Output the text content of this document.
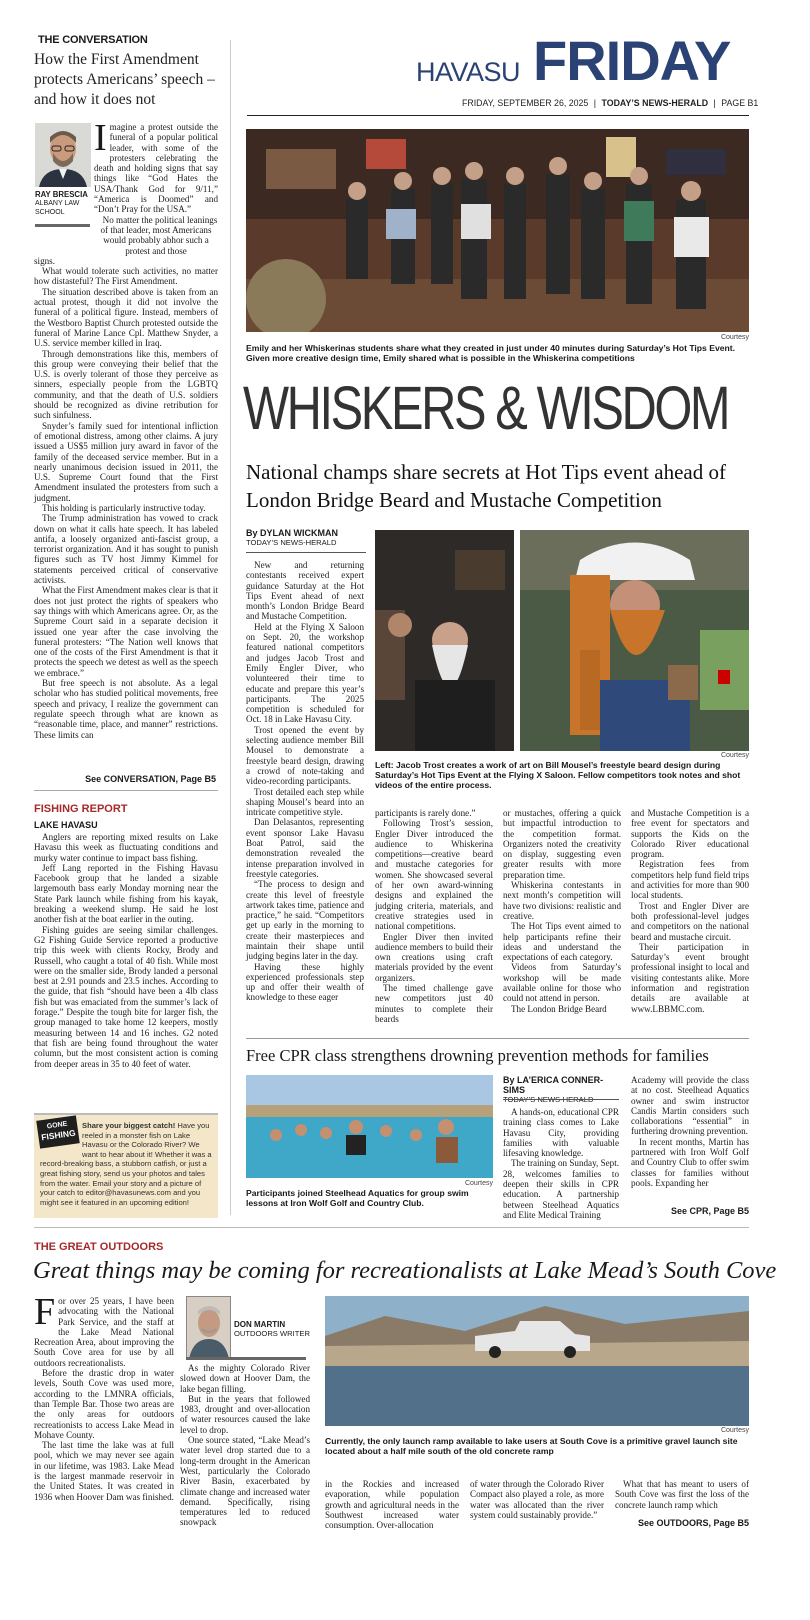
THE CONVERSATION
How the First Amendment protects Americans’ speech – and how it does not
RAY BRESCIA
ALBANY LAW SCHOOL

Imagine a protest outside the funeral of a popular political leader, with some of the protesters celebrating the death and holding signs that say things like “God Hates the USA/Thank God for 9/11,” “America is Doomed” and “Don’t Pray for the USA.”

No matter the political leanings of that leader, most Americans would probably abhor such a protest and those

signs.

What would tolerate such activities, no matter how distasteful? The First Amendment.

The situation described above is taken from an actual protest, though it did not involve the funeral of a political figure. Instead, members of the Westboro Baptist Church protested outside the funeral of Marine Lance Cpl. Matthew Snyder, a U.S. service member killed in Iraq.

Through demonstrations like this, members of this group were conveying their belief that the U.S. is overly tolerant of those they perceive as sinners, especially people from the LGBTQ community, and that the death of U.S. soldiers should be recognized as divine retribution for such sinfulness.

Snyder’s family sued for intentional infliction of emotional distress, among other claims. A jury issued a US$5 million jury award in favor of the family of the deceased service member. But in a nearly unanimous decision issued in 2011, the U.S. Supreme Court found that the First Amendment insulated the protesters from such a judgment.

This holding is particularly instructive today.

The Trump administration has vowed to crack down on what it calls hate speech. It has labeled antifa, a loosely organized anti-fascist group, a terrorist organization. And it has sought to punish figures such as TV host Jimmy Kimmel for statements perceived critical of conservative activists.

What the First Amendment makes clear is that it does not just protect the rights of speakers who say things with which Americans agree. Or, as the Supreme Court said in a separate decision it issued one year after the case involving the funeral protesters: “The Nation well knows that one of the costs of the First Amendment is that it protects the speech we detest as well as the speech we embrace.”

But free speech is not absolute. As a legal scholar who has studied political movements, free speech and privacy, I realize the government can regulate speech through what are known as “reasonable time, place, and manner” restrictions. These limits can

See CONVERSATION, Page B5
FISHING REPORT
LAKE HAVASU

Anglers are reporting mixed results on Lake Havasu this week as fluctuating conditions and murky water continue to impact bass fishing.

Jeff Lang reported in the Fishing Havasu Facebook group that he landed a sizable largemouth bass early Monday morning near the State Park launch while fishing from his kayak, breaking a weekend slump. He said he lost another fish at the boat earlier in the outing.

Fishing guides are seeing similar challenges. G2 Fishing Guide Service reported a productive trip this week with clients Rocky, Brody and Russell, who caught a total of 40 fish. While most were on the smaller side, Brody landed a personal best at 2.91 pounds and 23.5 inches. According to the guide, that fish “should have been a 4lb class fish but was emaciated from the summer’s lack of forage.” Despite the tough bite for larger fish, the group managed to take home 12 keepers, mostly measuring between 14 and 16 inches. G2 noted that fish are being found throughout the water column, but the most consistent action is coming from deeper areas in 35 to 40 feet of water.

GONE
FISHING
Share your biggest catch! Have you reeled in a monster fish on Lake Havasu or the Colorado River? We want to hear about it! Whether it was a record-breaking bass, a stubborn catfish, or just a great fishing story, send us your photos and tales from the water. Email your story and a picture of your catch to editor@havasunews.com and you might see it featured in an upcoming edition!
HAVASU FRIDAY
FRIDAY, SEPTEMBER 26, 2025 | TODAY’S NEWS-HERALD | PAGE B1
Courtesy
Emily and her Whiskerinas students share what they created in just under 40 minutes during Saturday’s Hot Tips Event. Given more creative design time, Emily shared what is possible in the Whiskerina competitions
WHISKERS & WISDOM
National champs share secrets at Hot Tips event ahead of London Bridge Beard and Mustache Competition
By DYLAN WICKMAN
TODAY’S NEWS-HERALD

New and returning contestants received expert guidance Saturday at the Hot Tips Event ahead of next month’s London Bridge Beard and Mustache Competition.

Held at the Flying X Saloon on Sept. 20, the workshop featured national competitors and judges Jacob Trost and Emily Engler Diver, who volunteered their time to educate and prepare this year’s participants. The 2025 competition is scheduled for Oct. 18 in Lake Havasu City.

Trost opened the event by selecting audience member Bill Mousel to demonstrate a freestyle beard design, drawing a crowd of note-taking and video-recording participants.

Trost detailed each step while shaping Mousel’s beard into an intricate competitive style.

Dan Delasantos, representing event sponsor Lake Havasu Boat Patrol, said the demonstration revealed the intense preparation involved in freestyle categories.

“The process to design and create this level of freestyle artwork takes time, patience and practice,” he said. “Competitors get up early in the morning to create their masterpieces and maintain their shape until judging begins later in the day.

Having these highly experienced professionals step up and offer their wealth of knowledge to these eager

Courtesy
Left: Jacob Trost creates a work of art on Bill Mousel’s freestyle beard design during Saturday’s Hot Tips Event at the Flying X Saloon. Fellow competitors took notes and shot videos of the entire process.

participants is rarely done.”

Following Trost’s session, Engler Diver introduced the audience to Whiskerina competitions—creative beard and mustache categories for women. She showcased several of her own award-winning designs and explained the judging criteria, materials, and creative strategies used in national competitions.

Engler Diver then invited audience members to build their own creations using craft materials provided by the event organizers.

The timed challenge gave new competitors just 40 minutes to complete their beards

or mustaches, offering a quick but impactful introduction to the competition format. Organizers noted the creativity on display, suggesting even greater results with more preparation time.

Whiskerina contestants in next month’s competition will have two divisions: realistic and creative.

The Hot Tips event aimed to help participants refine their ideas and understand the expectations of each category.

Videos from Saturday’s workshop will be made available online for those who could not attend in person.

The London Bridge Beard

and Mustache Competition is a free event for spectators and supports the Kids on the Colorado River educational program.

Registration fees from competitors help fund field trips and activities for more than 900 local students.

Trost and Engler Diver are both professional-level judges and competitors on the national beard and mustache circuit.

Their participation in Saturday’s event brought professional insight to local and visiting contestants alike. More information and registration details are available at www.LBBMC.com.

Free CPR class strengthens drowning prevention methods for families
Courtesy
Participants joined Steelhead Aquatics for group swim lessons at Iron Wolf Golf and Country Club.
By LA’ERICA CONNER-SIMS

A hands-on, educational CPR training class comes to Lake Havasu City, providing families with valuable lifesaving knowledge.

The training on Sunday, Sept. 28, welcomes families to deepen their skills in CPR education. A partnership between Steelhead Aquatics and Elite Medical Training

Academy will provide the class at no cost. Steelhead Aquatics owner and swim instructor Candis Martin considers such collaborations “essential” in furthering drowning prevention.

In recent months, Martin has partnered with Iron Wolf Golf and Country Club to offer swim classes for families without pools. Expanding her

See CPR, Page B5
THE GREAT OUTDOORS
Great things may be coming for recreationalists at Lake Mead’s South Cove

For over 25 years, I have been advocating with the National Park Service, and the staff at the Lake Mead National Recreation Area, about improving the South Cove area for use by all outdoors recreationalists.

Before the drastic drop in water levels, South Cove was used more, according to the LMNRA officials, than Temple Bar. Those two areas are the only areas for outdoors recreationists to access Lake Mead in Mohave County.

The last time the lake was at full pool, which we may never see again in our lifetime, was 1983. Lake Mead is the largest manmade reservoir in the United States. It was created in 1936 when Hoover Dam was finished.

DON MARTIN
OUTDOORS WRITER

As the mighty Colorado River slowed down at Hoover Dam, the lake began filling.

But in the years that followed 1983, drought and over-allocation of water resources caused the lake level to drop.

One source stated, “Lake Mead’s water level drop started due to a long-term drought in the American West, particularly the Colorado River Basin, exacerbated by climate change and increased water demand. Specifically, rising temperatures led to reduced snowpack

Courtesy
Currently, the only launch ramp available to lake users at South Cove is a primitive gravel launch site located about a half mile south of the old concrete ramp

in the Rockies and increased evaporation, while population growth and agricultural needs in the Southwest increased water consumption. Over-allocation

of water through the Colorado River Compact also played a role, as more water was allocated than the river system could sustainably provide.”

What that has meant to users of South Cove was first the loss of the concrete launch ramp which

See OUTDOORS, Page B5
